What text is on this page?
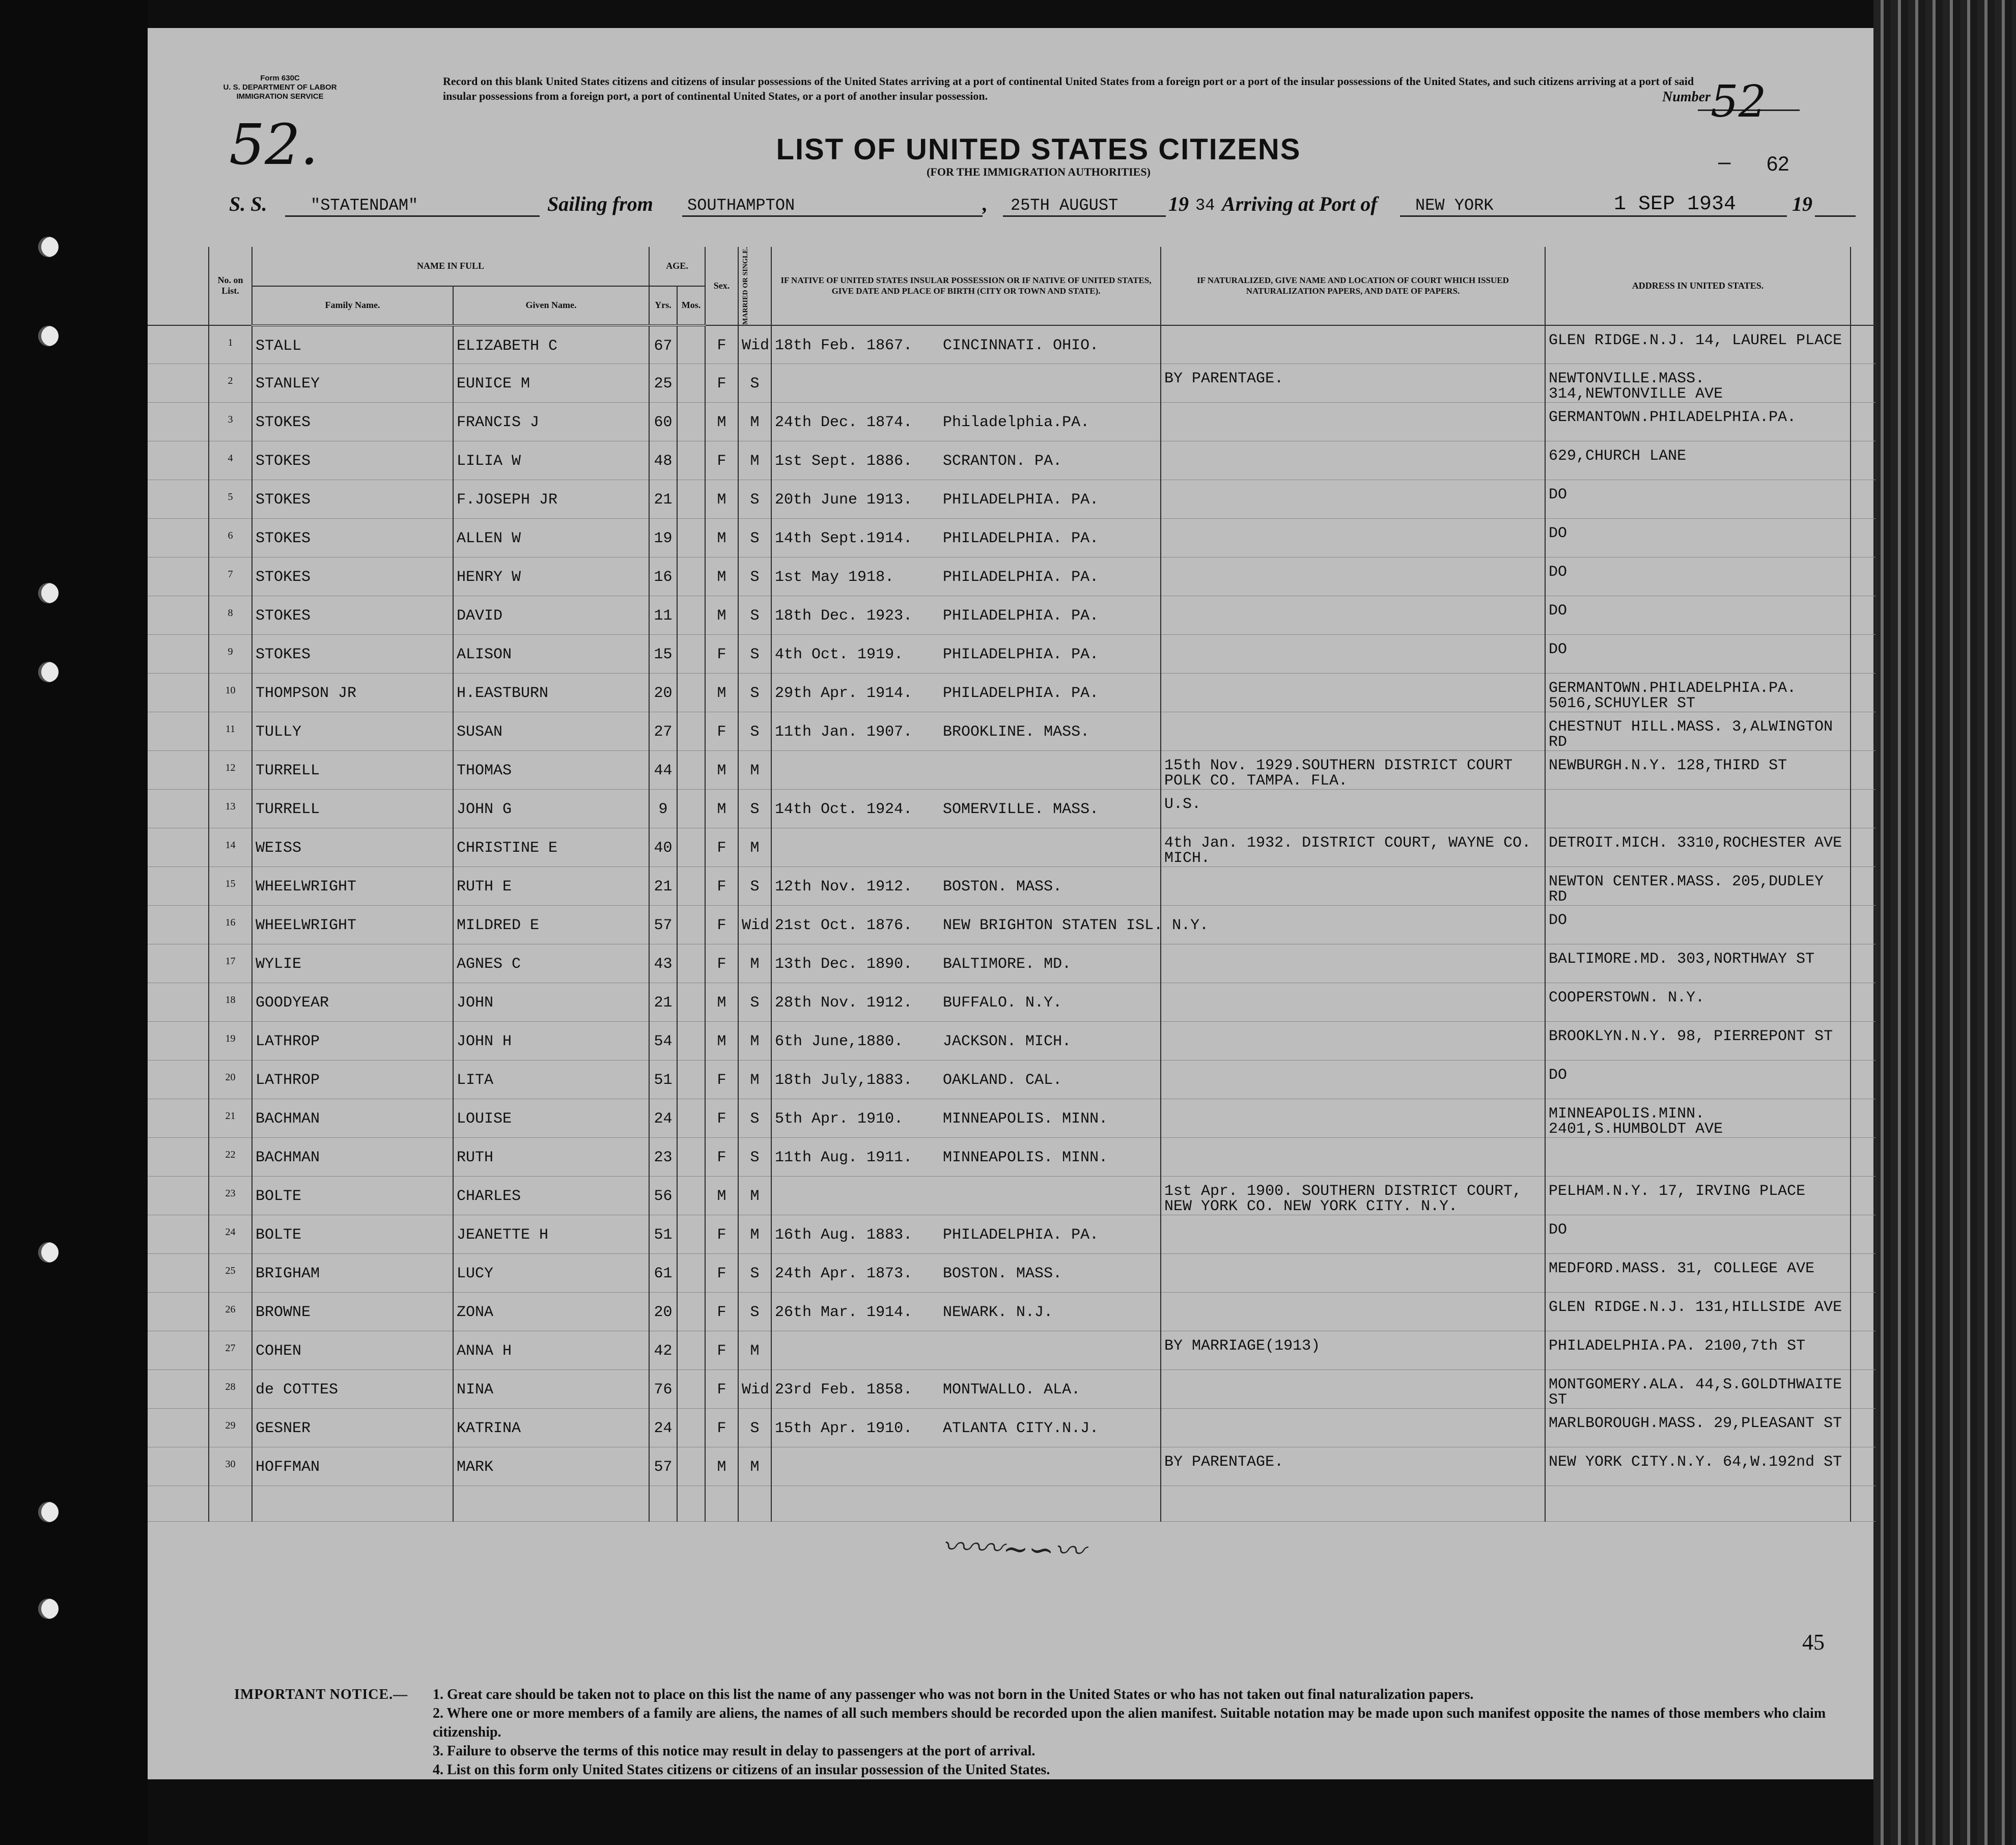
Form 630C
U. S. DEPARTMENT OF LABOR
IMMIGRATION SERVICE
52.
Record on this blank United States citizens and citizens of insular possessions of the United States arriving at a port of continental United States from a foreign port or a port of the insular possessions of the United States, and such citizens arriving at a port of said insular possessions from a foreign port, a port of continental United States, or a port of another insular possession.	Number 52
LIST OF UNITED STATES CITIZENS
(FOR THE IMMIGRATION AUTHORITIES)	– 62
S. S.	"STATENDAM"	Sailing from SOUTHAMPTON	, 25TH AUGUST 19 34 Arriving at Port of NEW YORK	1 SEP 1934	19
	No. on List.	NAME IN FULL		AGE.		Sex.	MARRIED OR SINGLE.	IF NATIVE OF UNITED STATES INSULAR POSSESSION OR IF NATIVE OF UNITED STATES, GIVE DATE AND PLACE OF BIRTH (CITY OR TOWN AND STATE).	IF NATURALIZED, GIVE NAME AND LOCATION OF COURT WHICH ISSUED NATURALIZATION PAPERS, AND DATE OF PAPERS.	ADDRESS IN UNITED STATES.	
		Family Name.	Given Name.	Yrs.	Mos.						
	1	STALL	ELIZABETH C	67		F	Wid	18th Feb. 1867. CINCINNATI. OHIO.		GLEN RIDGE.N.J. 14, LAUREL PLACE	
	2	STANLEY	EUNICE M	25		F	S		BY PARENTAGE.	NEWTONVILLE.MASS. 314,NEWTONVILLE AVE	
	3	STOKES	FRANCIS J	60		M	M	24th Dec. 1874. Philadelphia.PA.		GERMANTOWN.PHILADELPHIA.PA.	
	4	STOKES	LILIA W	48		F	M	1st Sept. 1886. SCRANTON. PA.		629,CHURCH LANE	
	5	STOKES	F.JOSEPH JR	21		M	S	20th June 1913. PHILADELPHIA. PA.		DO	
	6	STOKES	ALLEN W	19		M	S	14th Sept.1914. PHILADELPHIA. PA.		DO	
	7	STOKES	HENRY W	16		M	S	1st May 1918. PHILADELPHIA. PA.		DO	
	8	STOKES	DAVID	11		M	S	18th Dec. 1923. PHILADELPHIA. PA.		DO	
	9	STOKES	ALISON	15		F	S	4th Oct. 1919. PHILADELPHIA. PA.		DO	
	10	THOMPSON JR	H.EASTBURN	20		M	S	29th Apr. 1914. PHILADELPHIA. PA.		GERMANTOWN.PHILADELPHIA.PA. 5016,SCHUYLER ST	
	11	TULLY	SUSAN	27		F	S	11th Jan. 1907. BROOKLINE. MASS.		CHESTNUT HILL.MASS. 3,ALWINGTON RD	
	12	TURRELL	THOMAS	44		M	M		15th Nov. 1929.SOUTHERN DISTRICT COURT POLK CO. TAMPA. FLA.	NEWBURGH.N.Y. 128,THIRD ST	
	13	TURRELL	JOHN G	9		M	S	14th Oct. 1924. SOMERVILLE. MASS.	U.S.		
	14	WEISS	CHRISTINE E	40		F	M		4th Jan. 1932. DISTRICT COURT, WAYNE CO. MICH.	DETROIT.MICH. 3310,ROCHESTER AVE	
	15	WHEELWRIGHT	RUTH E	21		F	S	12th Nov. 1912. BOSTON. MASS.		NEWTON CENTER.MASS. 205,DUDLEY RD	
	16	WHEELWRIGHT	MILDRED E	57		F	Wid	21st Oct. 1876. NEW BRIGHTON STATEN ISL. N.Y.		DO	
	17	WYLIE	AGNES C	43		F	M	13th Dec. 1890. BALTIMORE. MD.		BALTIMORE.MD. 303,NORTHWAY ST	
	18	GOODYEAR	JOHN	21		M	S	28th Nov. 1912. BUFFALO. N.Y.		COOPERSTOWN. N.Y.	
	19	LATHROP	JOHN H	54		M	M	6th June,1880. JACKSON. MICH.		BROOKLYN.N.Y. 98, PIERREPONT ST	
	20	LATHROP	LITA	51		F	M	18th July,1883. OAKLAND. CAL.		DO	
	21	BACHMAN	LOUISE	24		F	S	5th Apr. 1910. MINNEAPOLIS. MINN.		MINNEAPOLIS.MINN. 2401,S.HUMBOLDT AVE	
	22	BACHMAN	RUTH	23		F	S	11th Aug. 1911. MINNEAPOLIS. MINN.			
	23	BOLTE	CHARLES	56		M	M		1st Apr. 1900. SOUTHERN DISTRICT COURT, NEW YORK CO. NEW YORK CITY. N.Y.	PELHAM.N.Y. 17, IRVING PLACE	
	24	BOLTE	JEANETTE H	51		F	M	16th Aug. 1883. PHILADELPHIA. PA.		DO	
	25	BRIGHAM	LUCY	61		F	S	24th Apr. 1873. BOSTON. MASS.		MEDFORD.MASS. 31, COLLEGE AVE	
	26	BROWNE	ZONA	20		F	S	26th Mar. 1914. NEWARK. N.J.		GLEN RIDGE.N.J. 131,HILLSIDE AVE	
	27	COHEN	ANNA H	42		F	M		BY MARRIAGE(1913)	PHILADELPHIA.PA. 2100,7th ST	
	28	de COTTES	NINA	76		F	Wid	23rd Feb. 1858. MONTWALLO. ALA.		MONTGOMERY.ALA. 44,S.GOLDTHWAITE ST	
	29	GESNER	KATRINA	24		F	S	15th Apr. 1910. ATLANTA CITY.N.J.		MARLBOROUGH.MASS. 29,PLEASANT ST	
	30	HOFFMAN	MARK	57		M	M		BY PARENTAGE.	NEW YORK CITY.N.Y. 64,W.192nd ST	

〰〰∼∽〰
45
IMPORTANT NOTICE.— 1. Great care should be taken not to place on this list the name of any passenger who was not born in the United States or who has not taken out final naturalization papers.
2. Where one or more members of a family are aliens, the names of all such members should be recorded upon the alien manifest. Suitable notation may be made upon such manifest opposite the names of those members who claim citizenship.
3. Failure to observe the terms of this notice may result in delay to passengers at the port of arrival.
4. List on this form only United States citizens or citizens of an insular possession of the United States.
